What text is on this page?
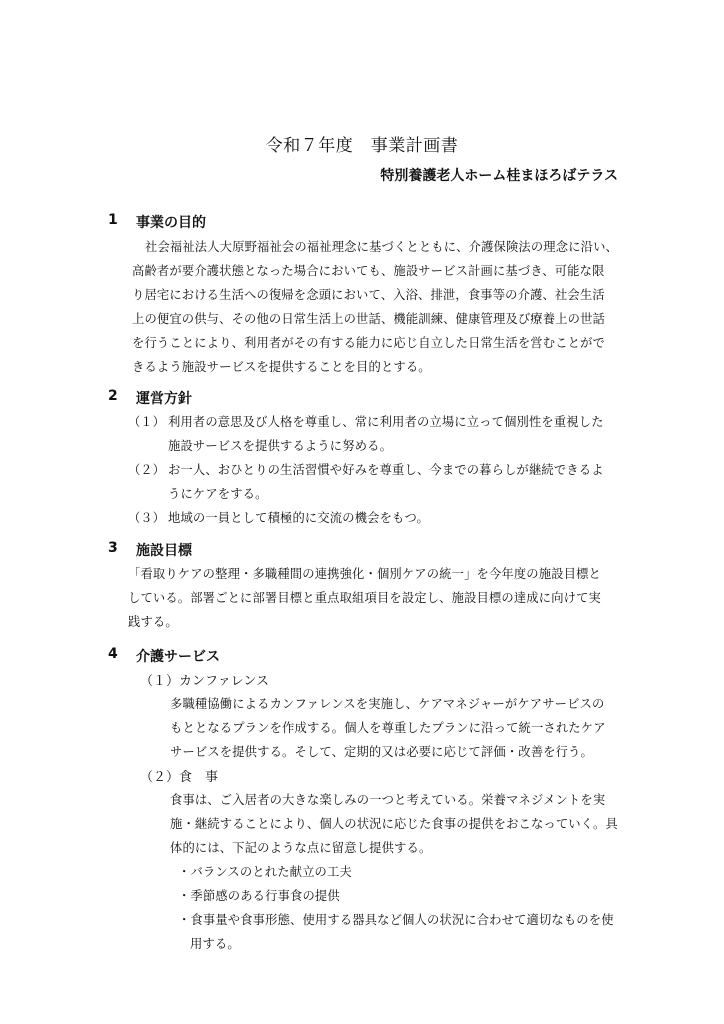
令和７年度　事業計画書
特別養護老人ホーム桂まほろばテラス
1 事業の目的
社会福祉法人大原野福祉会の福祉理念に基づくとともに、介護保険法の理念に沿い、
高齢者が要介護状態となった場合においても、施設サービス計画に基づき、可能な限
り居宅における生活への復帰を念頭において、入浴、排泄，食事等の介護、社会生活
上の便宜の供与、その他の日常生活上の世話、機能訓練、健康管理及び療養上の世話
を行うことにより、利用者がその有する能力に応じ自立した日常生活を営むことがで
きるよう施設サービスを提供することを目的とする。
2 運営方針
（１） 利用者の意思及び人格を尊重し、常に利用者の立場に立って個別性を重視した
施設サービスを提供するように努める。
（２） お一人、おひとりの生活習慣や好みを尊重し、今までの暮らしが継続できるよ
うにケアをする。
（３） 地域の一員として積極的に交流の機会をもつ。
3 施設目標
「看取りケアの整理・多職種間の連携強化・個別ケアの統一」を今年度の施設目標と
している。部署ごとに部署目標と重点取組項目を設定し、施設目標の達成に向けて実
践する。
4 介護サービス
（１）カンファレンス
多職種協働によるカンファレンスを実施し、ケアマネジャーがケアサービスの
もととなるプランを作成する。個人を尊重したプランに沿って統一されたケア
サービスを提供する。そして、定期的又は必要に応じて評価・改善を行う。
（２）食　事
食事は、ご入居者の大きな楽しみの一つと考えている。栄養マネジメントを実
施・継続することにより、個人の状況に応じた食事の提供をおこなっていく。具
体的には、下記のような点に留意し提供する。
・バランスのとれた献立の工夫
・季節感のある行事食の提供
・食事量や食事形態、使用する器具など個人の状況に合わせて適切なものを使
用する。
